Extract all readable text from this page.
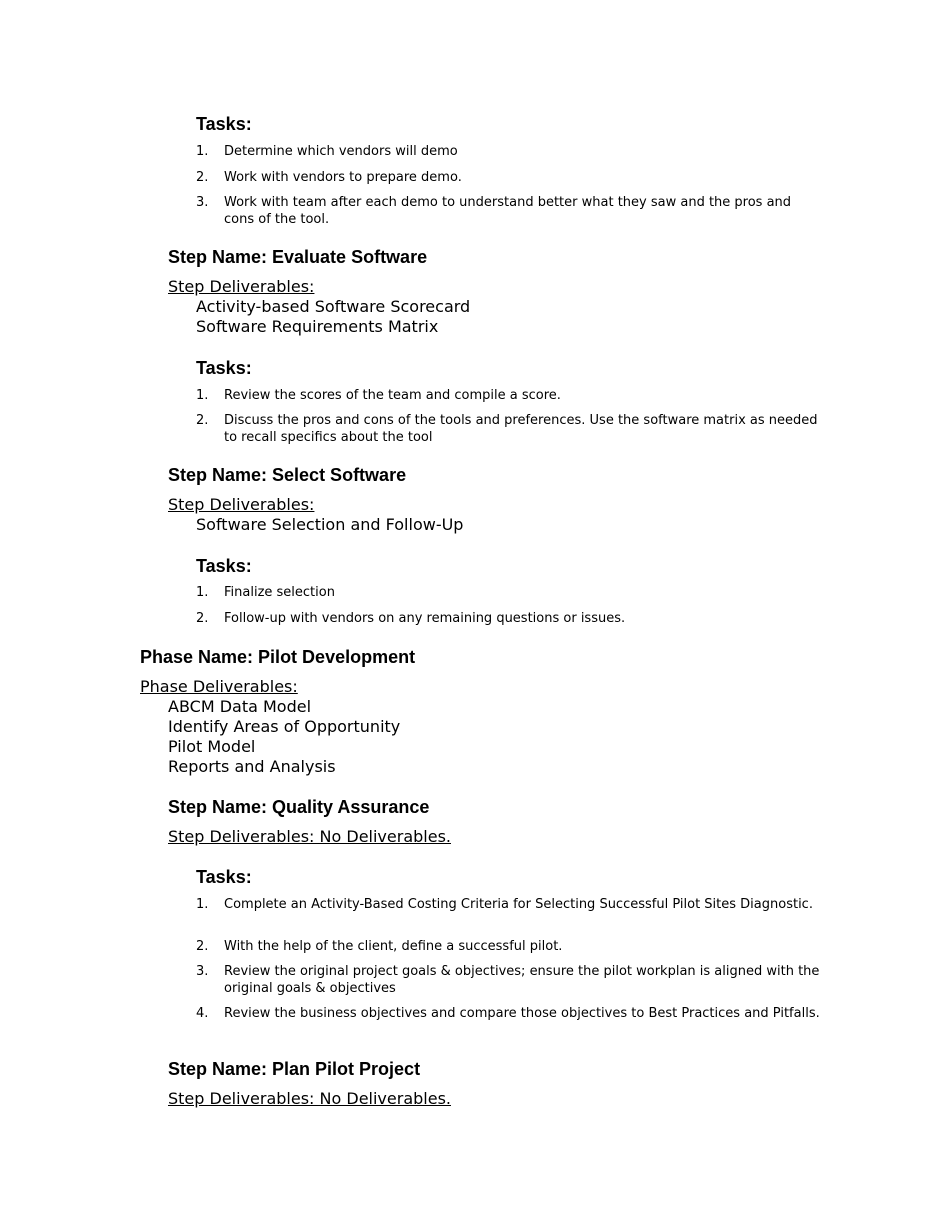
Tasks:
1. Determine which vendors will demo
2. Work with vendors to prepare demo.
3. Work with team after each demo to understand better what they saw and the pros and cons of the tool.
Step Name: Evaluate Software
Step Deliverables:
Activity-based Software Scorecard
Software Requirements Matrix
Tasks:
1. Review the scores of the team and compile a score.
2. Discuss the pros and cons of the tools and preferences. Use the software matrix as needed to recall specifics about the tool
Step Name: Select Software
Step Deliverables:
Software Selection and Follow-Up
Tasks:
1. Finalize selection
2. Follow-up with vendors on any remaining questions or issues.
Phase Name: Pilot Development
Phase Deliverables:
ABCM Data Model
Identify Areas of Opportunity
Pilot Model
Reports and Analysis
Step Name: Quality Assurance
Step Deliverables: No Deliverables.
Tasks:
1. Complete an Activity-Based Costing Criteria for Selecting Successful Pilot Sites Diagnostic.
2. With the help of the client, define a successful pilot.
3. Review the original project goals & objectives; ensure the pilot workplan is aligned with the original goals & objectives
4. Review the business objectives and compare those objectives to Best Practices and Pitfalls.
Step Name: Plan Pilot Project
Step Deliverables: No Deliverables.
